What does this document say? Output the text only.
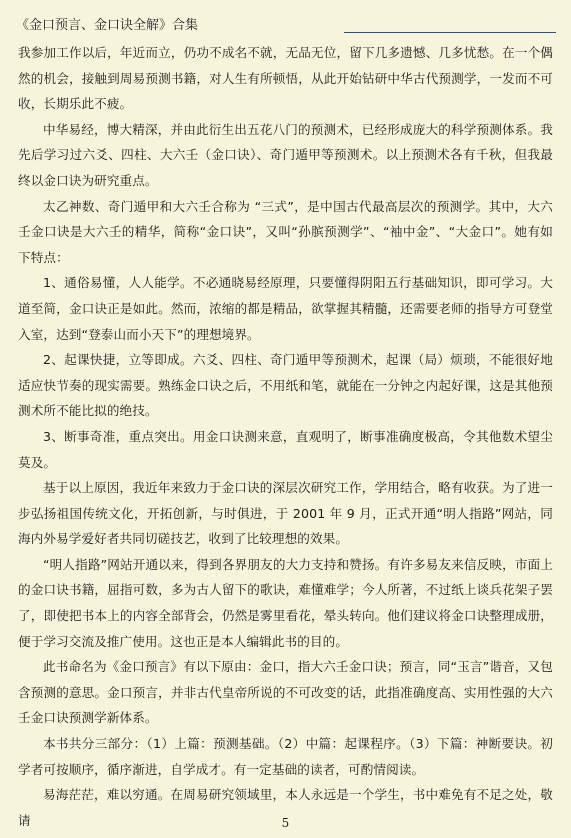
《金口预言、金口诀全解》合集

我参加工作以后，年近而立，仍功不成名不就，无品无位，留下几多遗憾、几多忧愁。在一个偶然的机会，接触到周易预测书籍，对人生有所顿悟，从此开始钻研中华古代预测学，一发而不可收，长期乐此不疲。

中华易经，博大精深，并由此衍生出五花八门的预测术，已经形成庞大的科学预测体系。我先后学习过六爻、四柱、大六壬（金口诀）、奇门遁甲等预测术。以上预测术各有千秋，但我最终以金口诀为研究重点。

太乙神数、奇门遁甲和大六壬合称为 “三式”，是中国古代最高层次的预测学。其中，大六壬金口诀是大六壬的精华，简称“金口诀”，又叫“孙膑预测学”、“袖中金”、“大金口”。她有如下特点：

1、通俗易懂，人人能学。不必通晓易经原理，只要懂得阴阳五行基础知识，即可学习。大道至简，金口诀正是如此。然而，浓缩的都是精品，欲掌握其精髓，还需要老师的指导方可登堂入室，达到“登泰山而小天下”的理想境界。

2、起课快捷，立等即成。六爻、四柱、奇门遁甲等预测术，起课（局）烦琐，不能很好地适应快节奏的现实需要。熟练金口诀之后，不用纸和笔，就能在一分钟之内起好课，这是其他预测术所不能比拟的绝技。

3、断事奇准，重点突出。用金口诀测来意，直观明了，断事准确度极高，令其他数术望尘莫及。

基于以上原因，我近年来致力于金口诀的深层次研究工作，学用结合，略有收获。为了进一步弘扬祖国传统文化，开拓创新，与时俱进，于 2001 年 9 月，正式开通“明人指路”网站，同海内外易学爱好者共同切磋技艺，收到了比较理想的效果。

“明人指路”网站开通以来，得到各界朋友的大力支持和赞扬。有许多易友来信反映，市面上的金口诀书籍，屈指可数，多为古人留下的歌诀，难懂难学；今人所著，不过纸上谈兵花架子罢了，即使把书本上的内容全部背会，仍然是雾里看花，晕头转向。他们建议将金口诀整理成册，便于学习交流及推广使用。这也正是本人编辑此书的目的。

此书命名为《金口预言》有以下原由：金口，指大六壬金口诀；预言，同“玉言”谐音，又包含预测的意思。金口预言，并非古代皇帝所说的不可改变的话，此指准确度高、实用性强的大六壬金口诀预测学新体系。

本书共分三部分：（1）上篇：预测基础。（2）中篇：起课程序。（3）下篇：神断要诀。初学者可按顺序，循序渐进，自学成才。有一定基础的读者，可酌情阅读。

易海茫茫，难以穷通。在周易研究领域里，本人永远是一个学生，书中难免有不足之处，敬请	5
